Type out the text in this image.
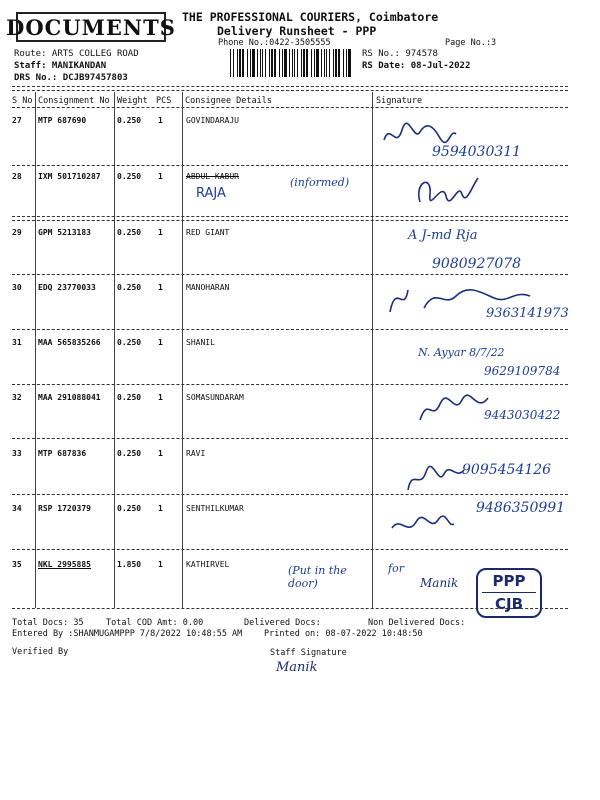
DOCUMENTS THE PROFESSIONAL COURIERS, Coimbatore
Delivery Runsheet - PPP
Phone No.:0422-3505555	Page No.:3
Route: ARTS COLLEG ROAD
Staff: MANIKANDAN
DRS No.: DCJB97457803
RS No.: 974578
RS Date: 08-Jul-2022
S No Consignment No Weight PCS Consignee Details	Signature
27 MTP 687690	0.250 1	GOVINDARAJU
28 IXM 501710287 0.250 1	ABDUL KABUR
29 GPM 5213183	0.250 1	RED GIANT
30 EDQ 23770033	0.250 1	MANOHARAN
31 MAA 565835266 0.250 1	SHANIL
32 MAA 291088041 0.250 1	SOMASUNDARAM
33 MTP 687836	0.250 1	RAVI
34 RSP 1720379	0.250 1	SENTHILKUMAR
35 NKL 2995885	1.850 1	KATHIRVEL
9594030311
RAJA
(informed)
A J-md Rja
9080927078
9363141973
N. Ayyar 8/7/22
9629109784
9443030422
9095454126
9486350991
(Put in the door)
for
Manik	PPP
CJB
Total Docs: 35	Total COD Amt: 0.00	Delivered Docs:	Non Delivered Docs:
Entered By :SHANMUGAMPPP 7/8/2022 10:48:55 AM	Printed on: 08-07-2022 10:48:50
Verified By	Staff Signature
Manik
